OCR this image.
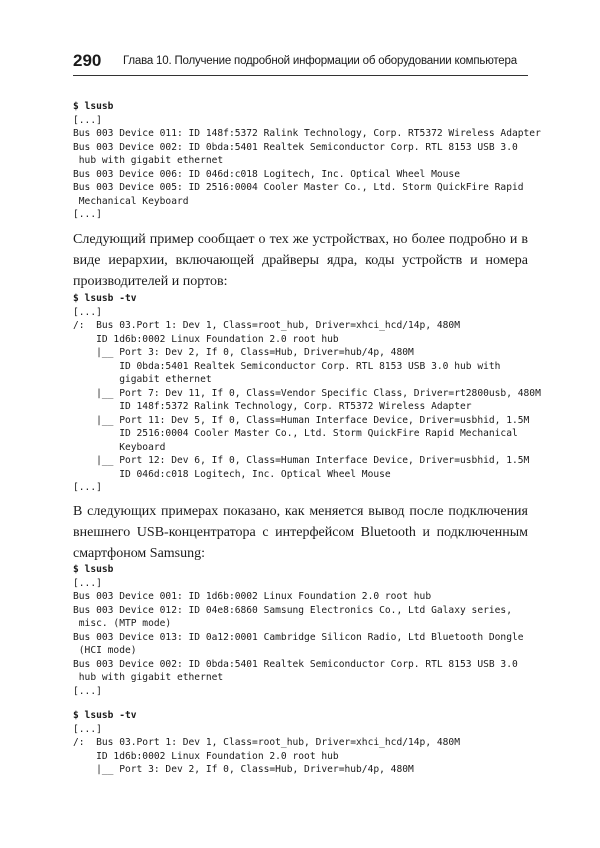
290 Глава 10. Получение подробной информации об оборудовании компьютера
$ lsusb
[...]
Bus 003 Device 011: ID 148f:5372 Ralink Technology, Corp. RT5372 Wireless Adapter
Bus 003 Device 002: ID 0bda:5401 Realtek Semiconductor Corp. RTL 8153 USB 3.0
hub with gigabit ethernet
Bus 003 Device 006: ID 046d:c018 Logitech, Inc. Optical Wheel Mouse
Bus 003 Device 005: ID 2516:0004 Cooler Master Co., Ltd. Storm QuickFire Rapid
Mechanical Keyboard
[...]

Следующий пример сообщает о тех же устройствах, но более подробно и в виде иерархии, включающей драйверы ядра, коды устройств и номера производителей и портов:

$ lsusb -tv
[...]
/:  Bus 03.Port 1: Dev 1, Class=root_hub, Driver=xhci_hcd/14p, 480M
ID 1d6b:0002 Linux Foundation 2.0 root hub
|__ Port 3: Dev 2, If 0, Class=Hub, Driver=hub/4p, 480M
ID 0bda:5401 Realtek Semiconductor Corp. RTL 8153 USB 3.0 hub with
gigabit ethernet
|__ Port 7: Dev 11, If 0, Class=Vendor Specific Class, Driver=rt2800usb, 480M
ID 148f:5372 Ralink Technology, Corp. RT5372 Wireless Adapter
|__ Port 11: Dev 5, If 0, Class=Human Interface Device, Driver=usbhid, 1.5M
ID 2516:0004 Cooler Master Co., Ltd. Storm QuickFire Rapid Mechanical
Keyboard
|__ Port 12: Dev 6, If 0, Class=Human Interface Device, Driver=usbhid, 1.5M
ID 046d:c018 Logitech, Inc. Optical Wheel Mouse
[...]

В следующих примерах показано, как меняется вывод после подключения внешнего USB-концентратора с интерфейсом Bluetooth и подключенным смартфоном Samsung:

$ lsusb
[...]
Bus 003 Device 001: ID 1d6b:0002 Linux Foundation 2.0 root hub
Bus 003 Device 012: ID 04e8:6860 Samsung Electronics Co., Ltd Galaxy series,
misc. (MTP mode)
Bus 003 Device 013: ID 0a12:0001 Cambridge Silicon Radio, Ltd Bluetooth Dongle
(HCI mode)
Bus 003 Device 002: ID 0bda:5401 Realtek Semiconductor Corp. RTL 8153 USB 3.0
hub with gigabit ethernet
[...]
$ lsusb -tv
[...]
/:  Bus 03.Port 1: Dev 1, Class=root_hub, Driver=xhci_hcd/14p, 480M
ID 1d6b:0002 Linux Foundation 2.0 root hub
|__ Port 3: Dev 2, If 0, Class=Hub, Driver=hub/4p, 480M
